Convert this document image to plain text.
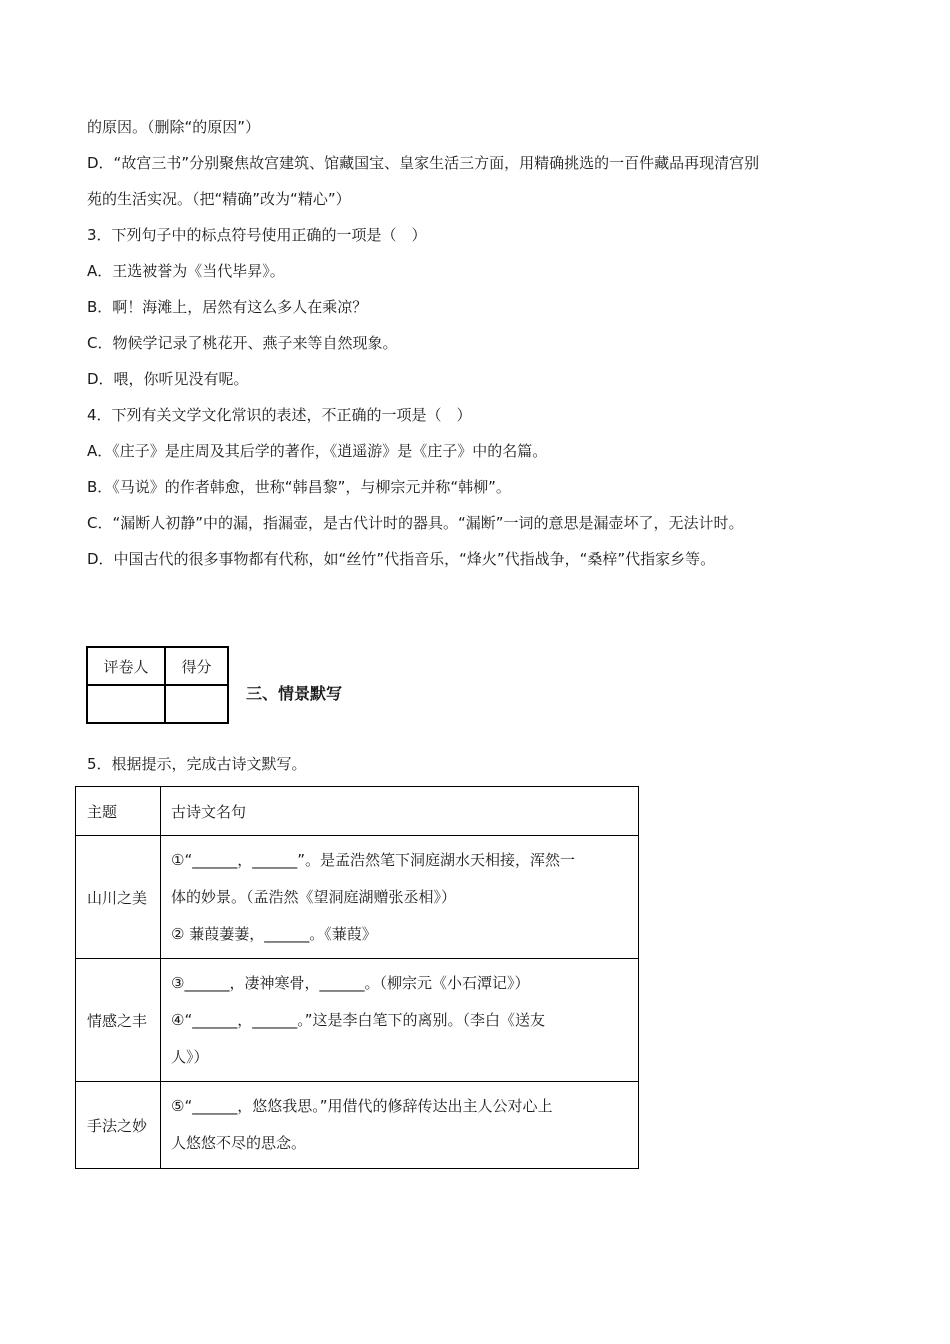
的原因。（删除“的原因”）
D．“故宫三书”分别聚焦故宫建筑、馆藏国宝、皇家生活三方面，用精确挑选的一百件藏品再现清宫别
苑的生活实况。（把“精确”改为“精心”）
3．下列句子中的标点符号使用正确的一项是（　）
A．王选被誉为《当代毕昇》。
B．啊！海滩上，居然有这么多人在乘凉？
C．物候学记录了桃花开、燕子来等自然现象。
D．喂，你听见没有呢。
4．下列有关文学文化常识的表述，不正确的一项是（　）
A．《庄子》是庄周及其后学的著作，《逍遥游》是《庄子》中的名篇。
B．《马说》的作者韩愈，世称“韩昌黎”，与柳宗元并称“韩柳”。
C．“漏断人初静”中的漏，指漏壶，是古代计时的器具。“漏断”一词的意思是漏壶坏了，无法计时。
D．中国古代的很多事物都有代称，如“丝竹”代指音乐，“烽火”代指战争，“桑梓”代指家乡等。
评卷人	得分

三、情景默写
5．根据提示，完成古诗文默写。
主题	古诗文名句
山川之美	①“______，______”。是孟浩然笔下洞庭湖水天相接，浑然一
体的妙景。（孟浩然《望洞庭湖赠张丞相》）
② 蒹葭萋萋，______。《蒹葭》

情感之丰	③______，凄神寒骨，______。（柳宗元《小石潭记》）
④“______，______。”这是李白笔下的离别。（李白《送友
人》）

手法之妙	⑤“______，悠悠我思。”用借代的修辞传达出主人公对心上
人悠悠不尽的思念。
